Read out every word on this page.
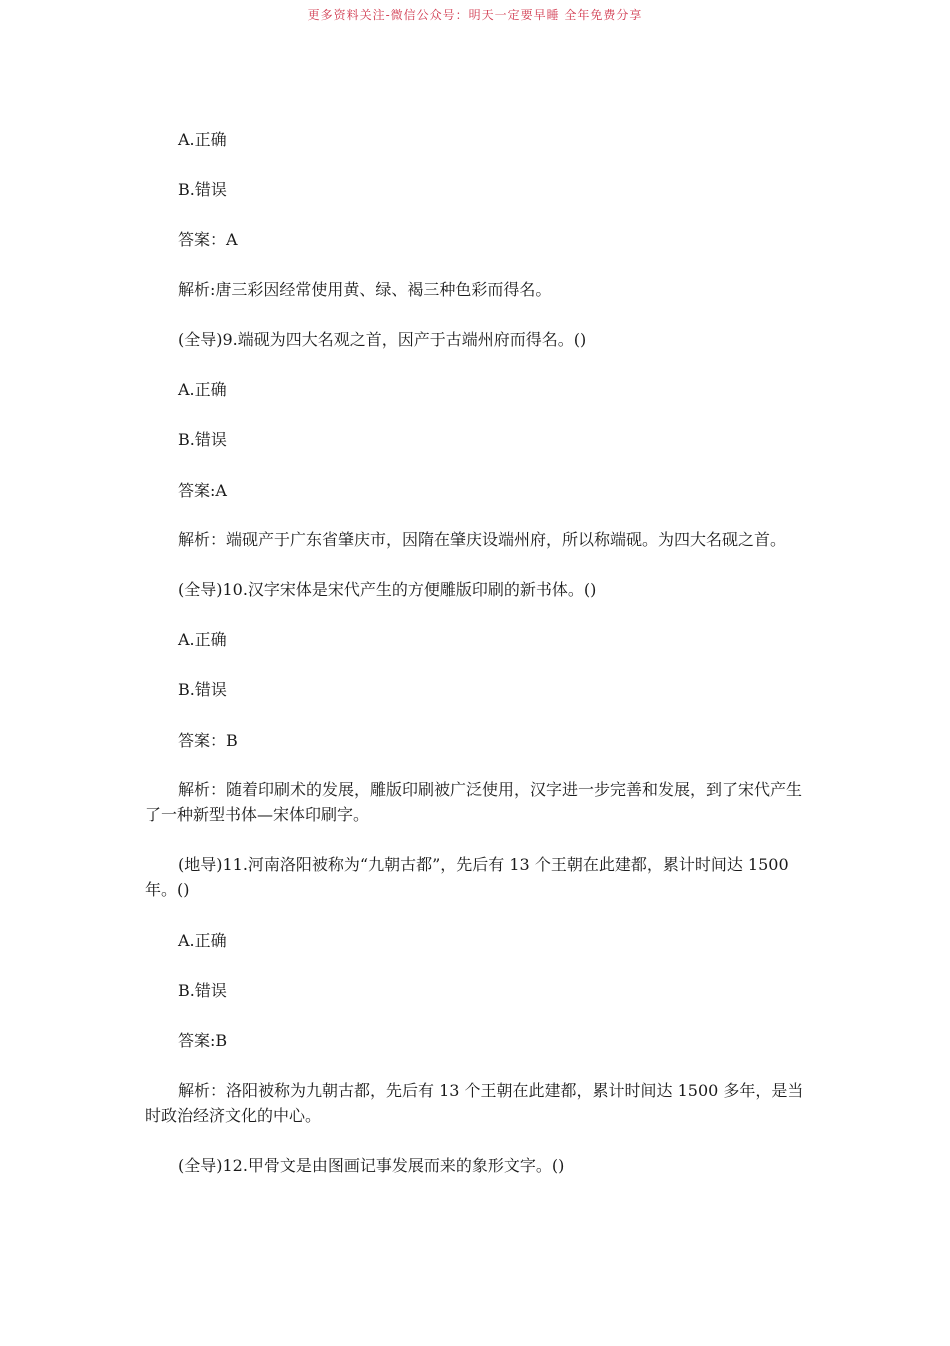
更多资料关注-微信公众号：明天一定要早睡 全年免费分享
A.正确
B.错误
答案：A
解析:唐三彩因经常使用黄、绿、褐三种色彩而得名。
(全导)9.端砚为四大名观之首，因产于古端州府而得名。()
A.正确
B.错误
答案:A
解析：端砚产于广东省肇庆市，因隋在肇庆设端州府，所以称端砚。为四大名砚之首。
(全导)10.汉字宋体是宋代产生的方便雕版印刷的新书体。()
A.正确
B.错误
答案：B
解析：随着印刷术的发展，雕版印刷被广泛使用，汉字进一步完善和发展，到了宋代产生了一种新型书体—宋体印刷字。
(地导)11.河南洛阳被称为“九朝古都”，先后有 13 个王朝在此建都，累计时间达 1500 年。()
A.正确
B.错误
答案:B
解析：洛阳被称为九朝古都，先后有 13 个王朝在此建都，累计时间达 1500 多年，是当时政治经济文化的中心。
(全导)12.甲骨文是由图画记事发展而来的象形文字。()
